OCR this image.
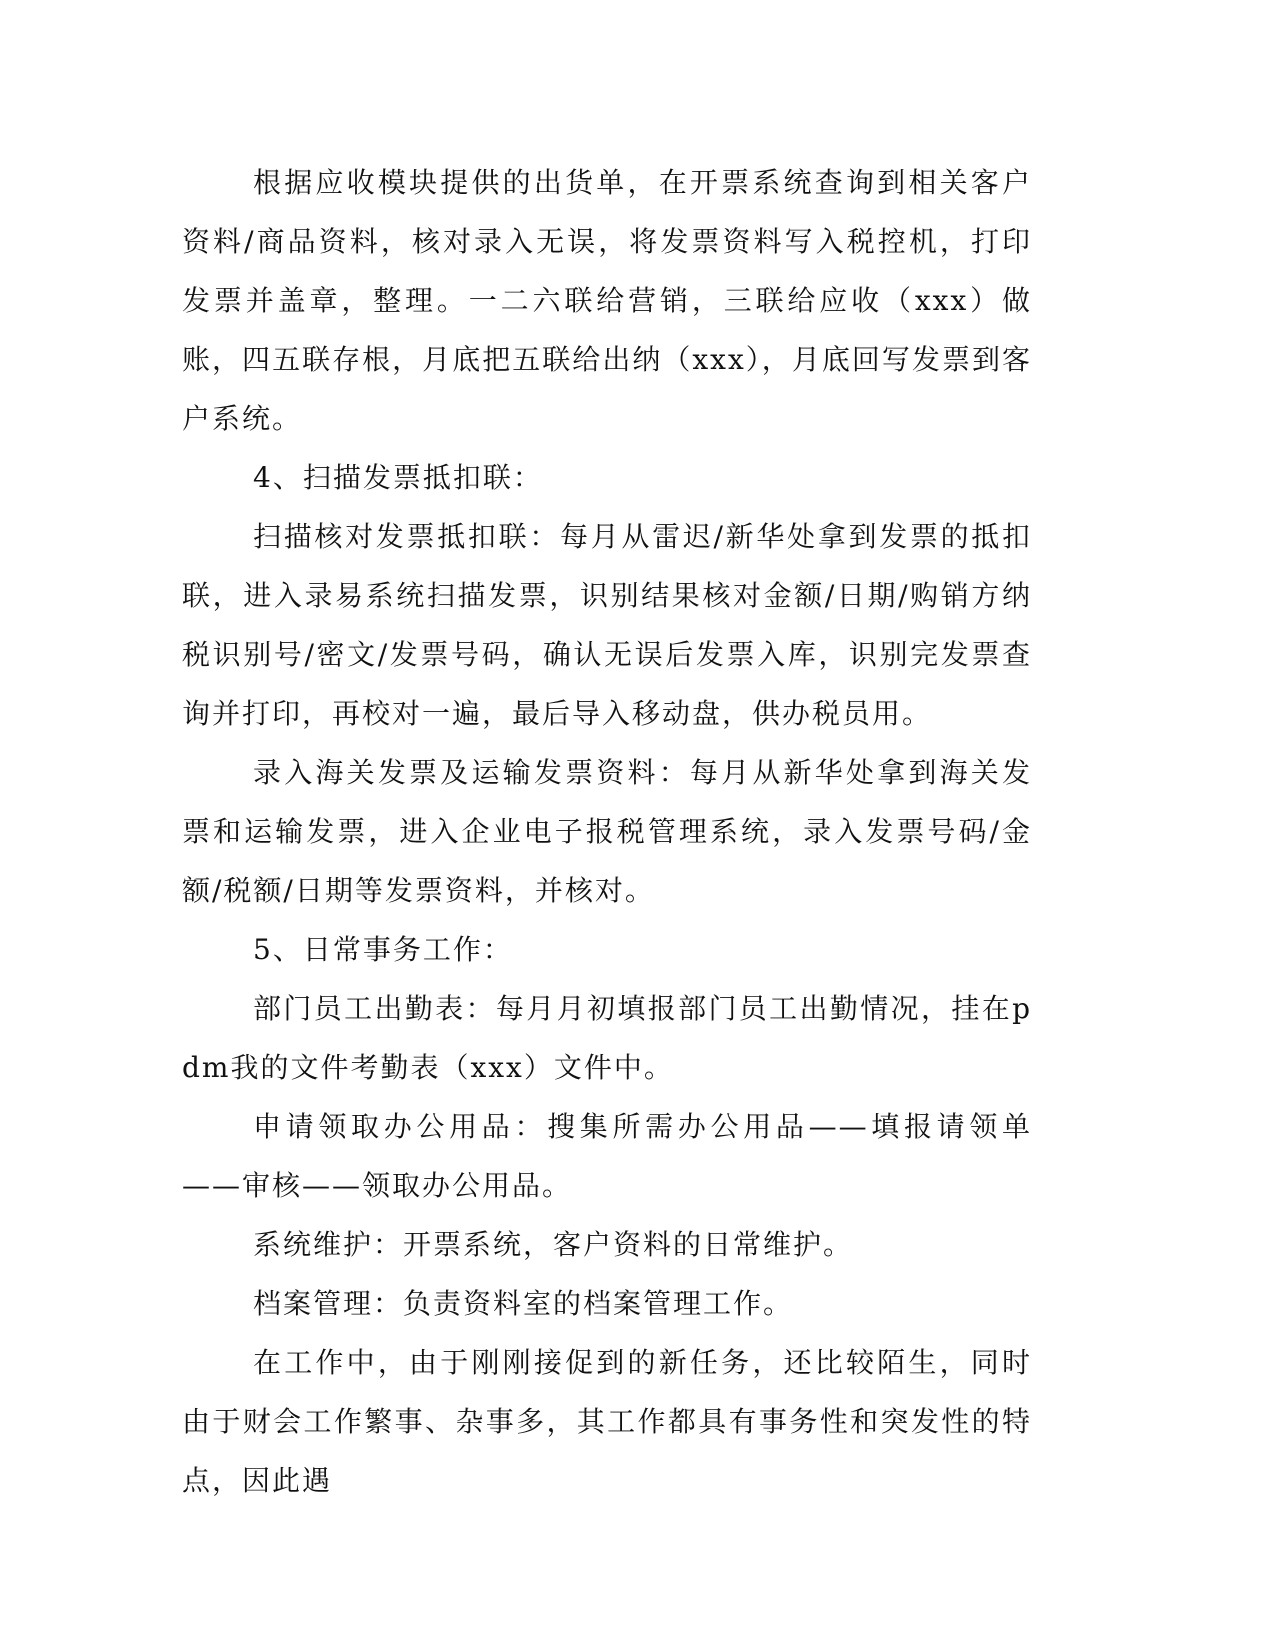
根据应收模块提供的出货单，在开票系统查询到相关客户资料/商品资料，核对录入无误，将发票资料写入税控机，打印发票并盖章，整理。一二六联给营销，三联给应收（xxx）做账，四五联存根，月底把五联给出纳（xxx），月底回写发票到客户系统。

4、扫描发票抵扣联：

扫描核对发票抵扣联：每月从雷迟/新华处拿到发票的抵扣联，进入录易系统扫描发票，识别结果核对金额/日期/购销方纳税识别号/密文/发票号码，确认无误后发票入库，识别完发票查询并打印，再校对一遍，最后导入移动盘，供办税员用。

录入海关发票及运输发票资料：每月从新华处拿到海关发票和运输发票，进入企业电子报税管理系统，录入发票号码/金额/税额/日期等发票资料，并核对。

5、日常事务工作：

部门员工出勤表：每月月初填报部门员工出勤情况，挂在pdm我的文件考勤表（xxx）文件中。

申请领取办公用品：搜集所需办公用品——填报请领单——审核——领取办公用品。

系统维护：开票系统，客户资料的日常维护。

档案管理：负责资料室的档案管理工作。

在工作中，由于刚刚接促到的新任务，还比较陌生，同时由于财会工作繁事、杂事多，其工作都具有事务性和突发性的特点，因此遇
